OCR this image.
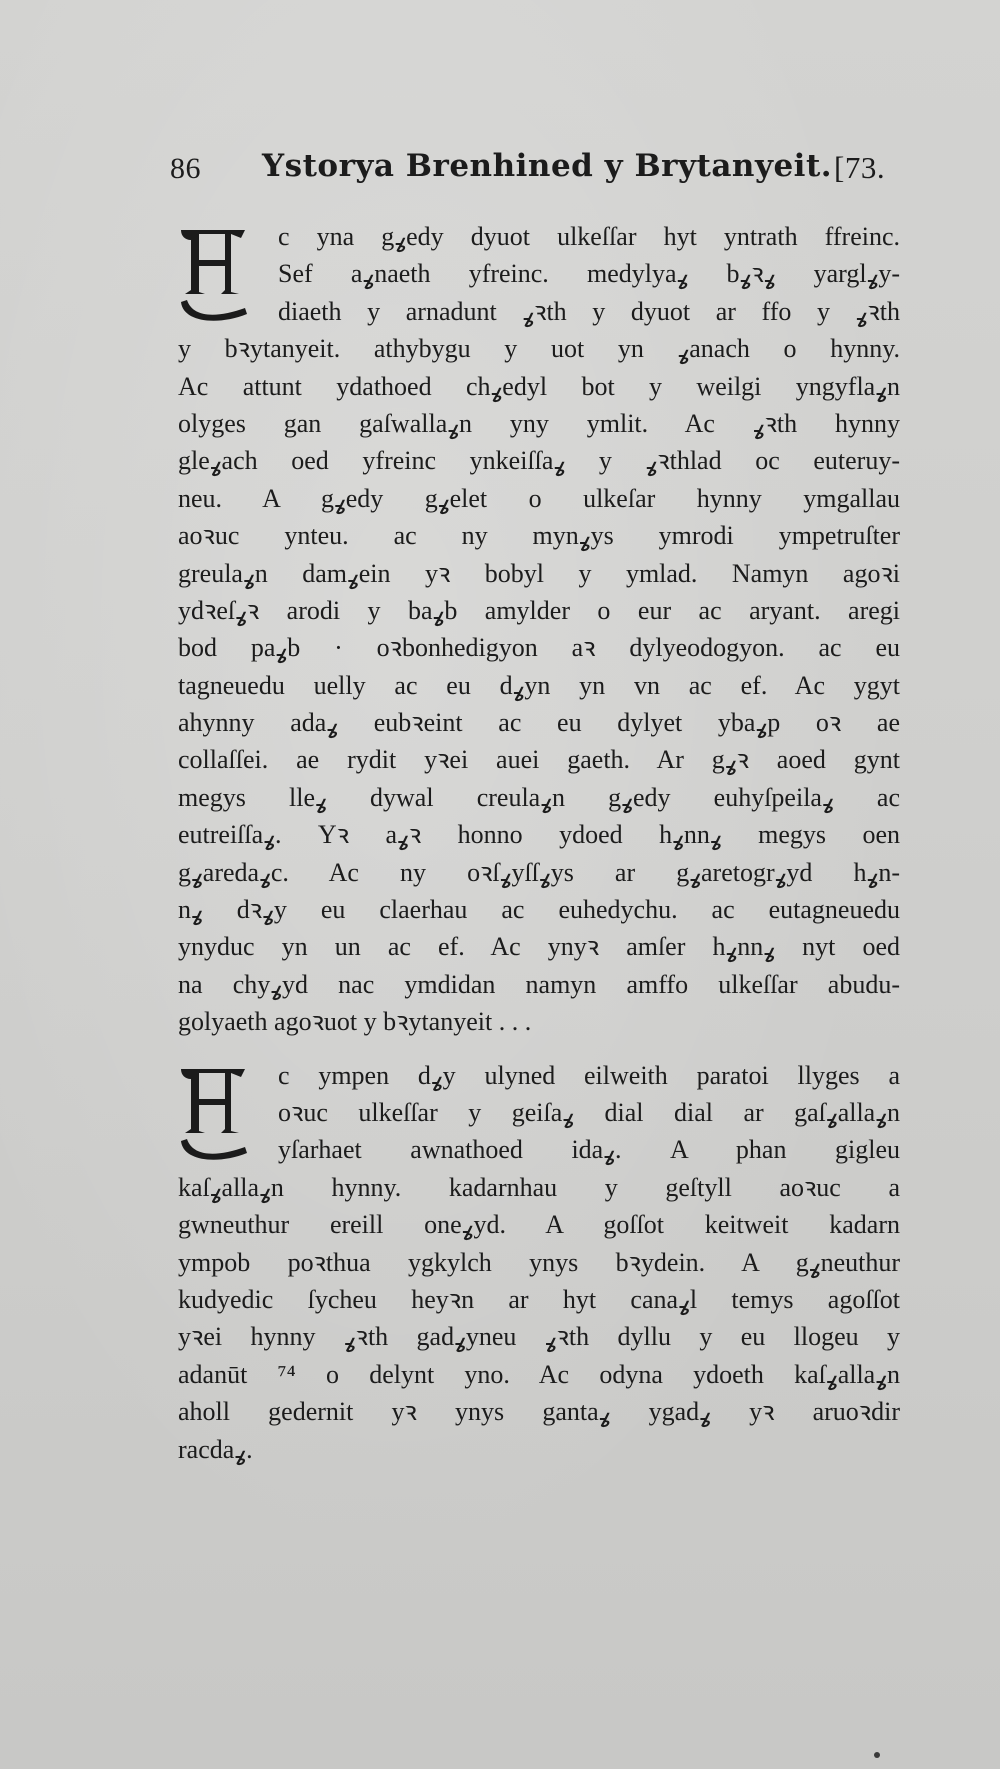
86 Ystorya Brenhined y Brytanyeit. [73.
A
c yna gߩedy dyuot ulkeſſar hyt yntrath ffreinc.
Sef aߩnaeth yfreinc. medylyaߩ bߩꝛߩ yarglߩy-
diaeth y arnadunt ߩꝛth y dyuot ar ffo y ߩꝛth
y bꝛytanyeit. athybygu y uot yn ߩanach o hynny.
Ac attunt ydathoed chߩedyl bot y weilgi yngyflaߩn
olyges gan gaſwallaߩn yny ymlit. Ac ߩꝛth hynny
gleߩach oed yfreinc ynkeiſſaߩ y ߩꝛthlad oc euteruy-
neu. A gߩedy gߩelet o ulkeſar hynny ymgallau
aoꝛuc ynteu. ac ny mynߩys ymrodi ympetruſter
greulaߩn damߩein yꝛ bobyl y ymlad. Namyn agoꝛi
ydꝛeſߩꝛ arodi y baߩb amylder o eur ac aryant. aregi
bod paߩb · oꝛbonhedigyon aꝛ dylyeodogyon. ac eu
tagneuedu uelly ac eu dߩyn yn vn ac ef. Ac ygyt
ahynny adaߩ eubꝛeint ac eu dylyet ybaߩp oꝛ ae
collaſſei. ae rydit yꝛei auei gaeth. Ar gߩꝛ aoed gynt
megys lleߩ dywal creulaߩn gߩedy euhyſpeilaߩ ac
eutreiſſaߩ. Yꝛ aߩꝛ honno ydoed hߩnnߩ megys oen
gߩaredaߩc. Ac ny oꝛſߩyſſߩys ar gߩaretogrߩyd hߩn-
nߩ dꝛߩy eu claerhau ac euhedychu. ac eutagneuedu
ynyduc yn un ac ef. Ac ynyꝛ amſer hߩnnߩ nyt oed
na chyߩyd nac ymdidan namyn amffo ulkeſſar abudu-
golyaeth agoꝛuot y bꝛytanyeit . . .
A
c ympen dߩy ulyned eilweith paratoi llyges a
oꝛuc ulkeſſar y geiſaߩ dial dial ar gaſߩallaߩn
yſarhaet awnathoed idaߩ. A phan gigleu
kaſߩallaߩn hynny. kadarnhau y geſtyll aoꝛuc a
gwneuthur ereill oneߩyd. A goſſot keitweit kadarn
ympob poꝛthua ygkylch ynys bꝛydein. A gߩneuthur
kudyedic ſycheu heyꝛn ar hyt canaߩl temys agoſſot
yꝛei hynny ߩꝛth gadߩyneu ߩꝛth dyllu y eu llogeu y
adanūt ⁷⁴ o delynt yno. Ac odyna ydoeth kaſߩallaߩn
aholl gedernit yꝛ ynys gantaߩ ygadߩ yꝛ aruoꝛdir
racdaߩ.
